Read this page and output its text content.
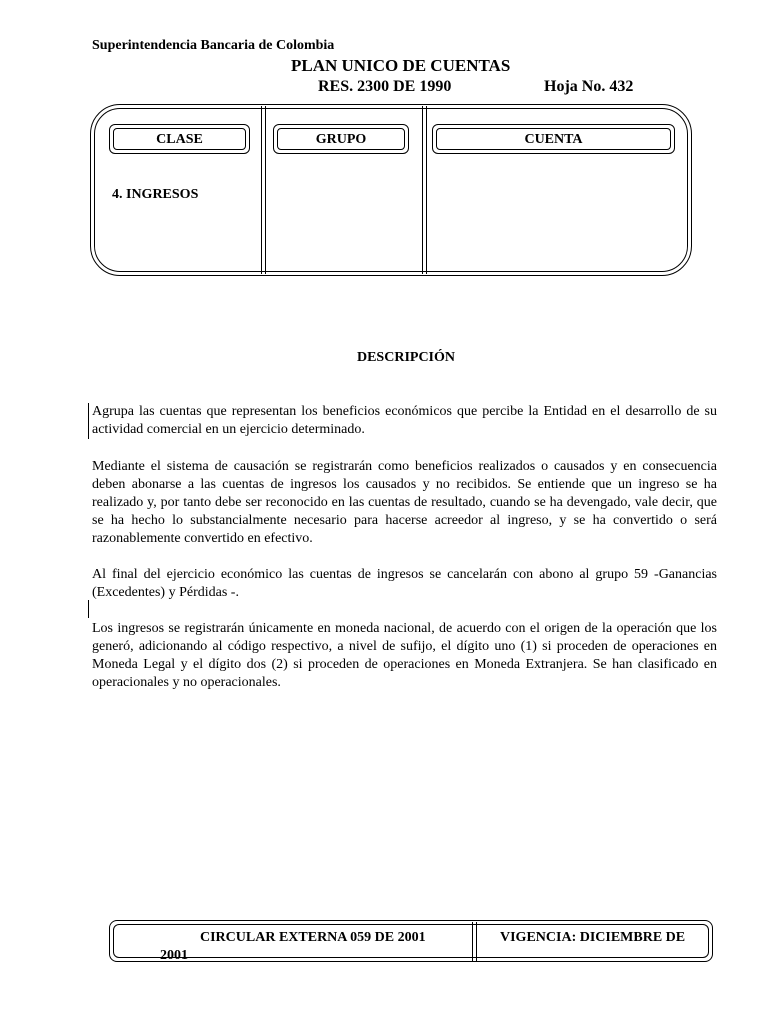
Superintendencia Bancaria de Colombia
PLAN UNICO DE CUENTAS
RES. 2300 DE 1990	Hoja No. 432
CLASE	GRUPO	CUENTA
4. INGRESOS
DESCRIPCIÓN
Agrupa las cuentas que representan los beneficios económicos que percibe la Entidad en el desarrollo de su actividad comercial en un ejercicio determinado.
Mediante el sistema de causación se registrarán como beneficios realizados o causados y en consecuencia deben abonarse a las cuentas de ingresos los causados y no recibidos. Se entiende que un ingreso se ha realizado y, por tanto debe ser reconocido en las cuentas de resultado, cuando se ha devengado, vale decir, que se ha hecho lo substancialmente necesario para hacerse acreedor al ingreso, y se ha convertido o será razonablemente convertido en efectivo.
Al final del ejercicio económico las cuentas de ingresos se cancelarán con abono al grupo 59 -Ganancias (Excedentes) y Pérdidas -.
Los ingresos se registrarán únicamente en moneda nacional, de acuerdo con el origen de la operación que los generó, adicionando al código respectivo, a nivel de sufijo, el dígito uno (1) si proceden de operaciones en Moneda Legal y el dígito dos (2) si proceden de operaciones en Moneda Extranjera. Se han clasificado en operacionales y no operacionales.
CIRCULAR EXTERNA 059 DE 2001	VIGENCIA: DICIEMBRE DE
2001
